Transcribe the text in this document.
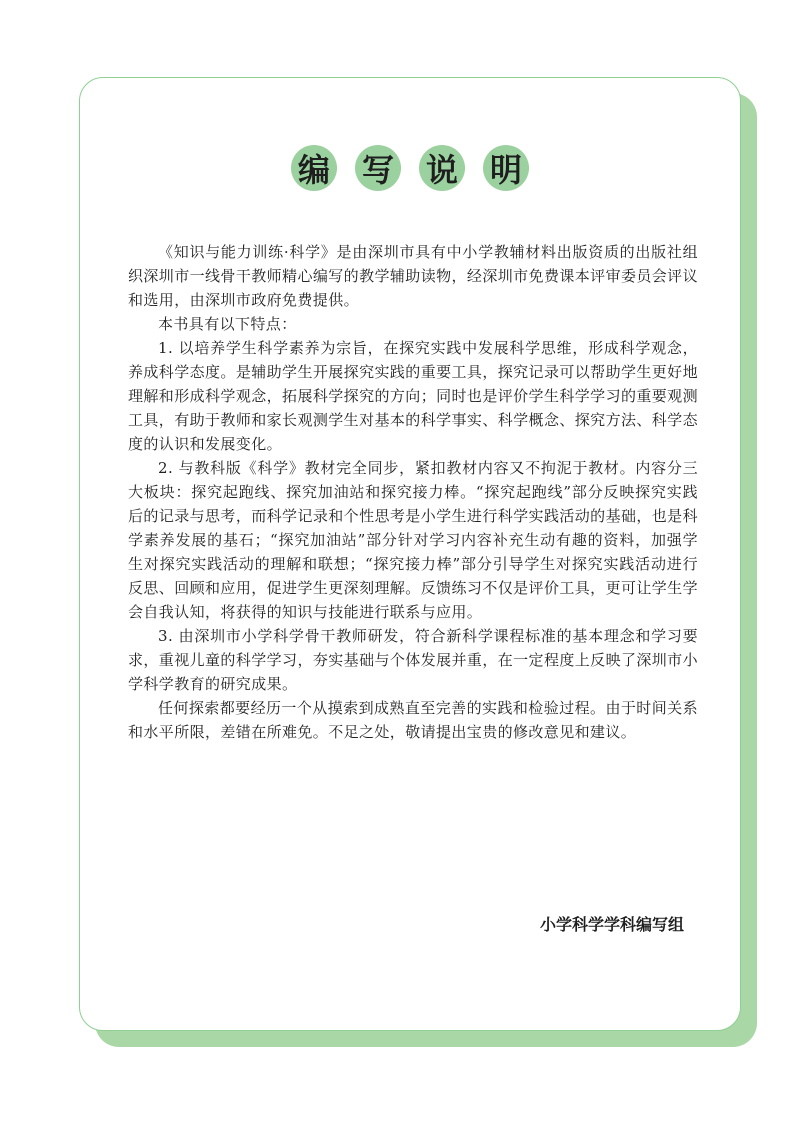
编 写 说 明

《知识与能力训练·科学》是由深圳市具有中小学教辅材料出版资质的出版社组织深圳市一线骨干教师精心编写的教学辅助读物，经深圳市免费课本评审委员会评议和选用，由深圳市政府免费提供。

本书具有以下特点：

1. 以培养学生科学素养为宗旨，在探究实践中发展科学思维，形成科学观念，养成科学态度。是辅助学生开展探究实践的重要工具，探究记录可以帮助学生更好地理解和形成科学观念，拓展科学探究的方向；同时也是评价学生科学学习的重要观测工具，有助于教师和家长观测学生对基本的科学事实、科学概念、探究方法、科学态度的认识和发展变化。

2. 与教科版《科学》教材完全同步，紧扣教材内容又不拘泥于教材。内容分三大板块：探究起跑线、探究加油站和探究接力棒。“探究起跑线”部分反映探究实践后的记录与思考，而科学记录和个性思考是小学生进行科学实践活动的基础，也是科学素养发展的基石；“探究加油站”部分针对学习内容补充生动有趣的资料，加强学生对探究实践活动的理解和联想；“探究接力棒”部分引导学生对探究实践活动进行反思、回顾和应用，促进学生更深刻理解。反馈练习不仅是评价工具，更可让学生学会自我认知，将获得的知识与技能进行联系与应用。

3. 由深圳市小学科学骨干教师研发，符合新科学课程标准的基本理念和学习要求，重视儿童的科学学习，夯实基础与个体发展并重，在一定程度上反映了深圳市小学科学教育的研究成果。

任何探索都要经历一个从摸索到成熟直至完善的实践和检验过程。由于时间关系和水平所限，差错在所难免。不足之处，敬请提出宝贵的修改意见和建议。

小学科学学科编写组
